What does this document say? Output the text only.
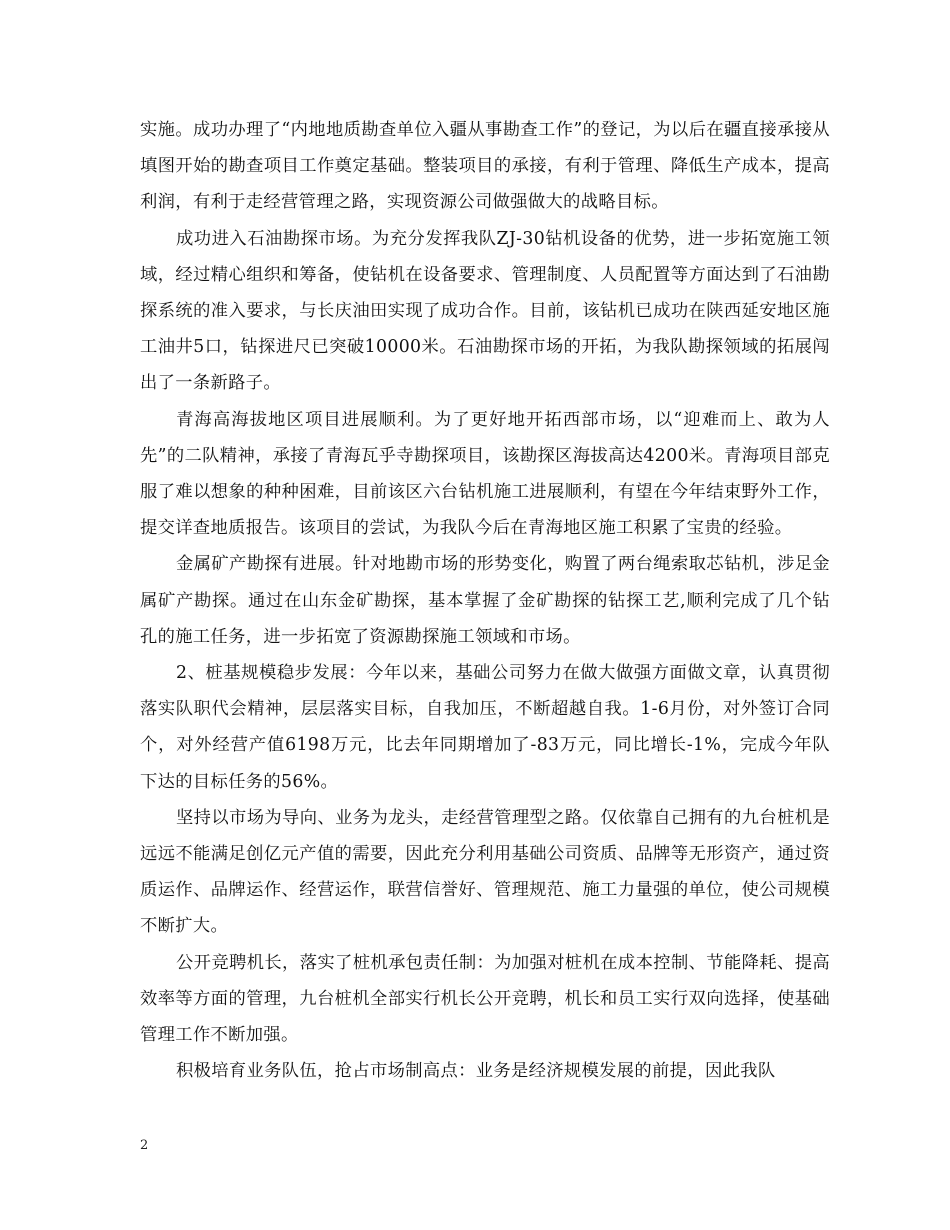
实施。成功办理了“内地地质勘查单位入疆从事勘查工作”的登记，为以后在疆直接承接从填图开始的勘查项目工作奠定基础。整装项目的承接，有利于管理、降低生产成本，提高利润，有利于走经营管理之路，实现资源公司做强做大的战略目标。

成功进入石油勘探市场。为充分发挥我队ZJ-30钻机设备的优势，进一步拓宽施工领域，经过精心组织和筹备，使钻机在设备要求、管理制度、人员配置等方面达到了石油勘探系统的准入要求，与长庆油田实现了成功合作。目前，该钻机已成功在陕西延安地区施工油井5口，钻探进尺已突破10000米。石油勘探市场的开拓，为我队勘探领域的拓展闯出了一条新路子。

青海高海拔地区项目进展顺利。为了更好地开拓西部市场，以“迎难而上、敢为人先”的二队精神，承接了青海瓦乎寺勘探项目，该勘探区海拔高达4200米。青海项目部克服了难以想象的种种困难，目前该区六台钻机施工进展顺利，有望在今年结束野外工作，提交详查地质报告。该项目的尝试，为我队今后在青海地区施工积累了宝贵的经验。

金属矿产勘探有进展。针对地勘市场的形势变化，购置了两台绳索取芯钻机，涉足金属矿产勘探。通过在山东金矿勘探，基本掌握了金矿勘探的钻探工艺,顺利完成了几个钻孔的施工任务，进一步拓宽了资源勘探施工领域和市场。

2、桩基规模稳步发展：今年以来，基础公司努力在做大做强方面做文章，认真贯彻落实队职代会精神，层层落实目标，自我加压，不断超越自我。1-6月份，对外签订合同个，对外经营产值6198万元，比去年同期增加了-83万元，同比增长-1%，完成今年队下达的目标任务的56%。

坚持以市场为导向、业务为龙头，走经营管理型之路。仅依靠自己拥有的九台桩机是远远不能满足创亿元产值的需要，因此充分利用基础公司资质、品牌等无形资产，通过资质运作、品牌运作、经营运作，联营信誉好、管理规范、施工力量强的单位，使公司规模不断扩大。

公开竞聘机长，落实了桩机承包责任制：为加强对桩机在成本控制、节能降耗、提高效率等方面的管理，九台桩机全部实行机长公开竞聘，机长和员工实行双向选择，使基础管理工作不断加强。

积极培育业务队伍，抢占市场制高点：业务是经济规模发展的前提，因此我队

2
